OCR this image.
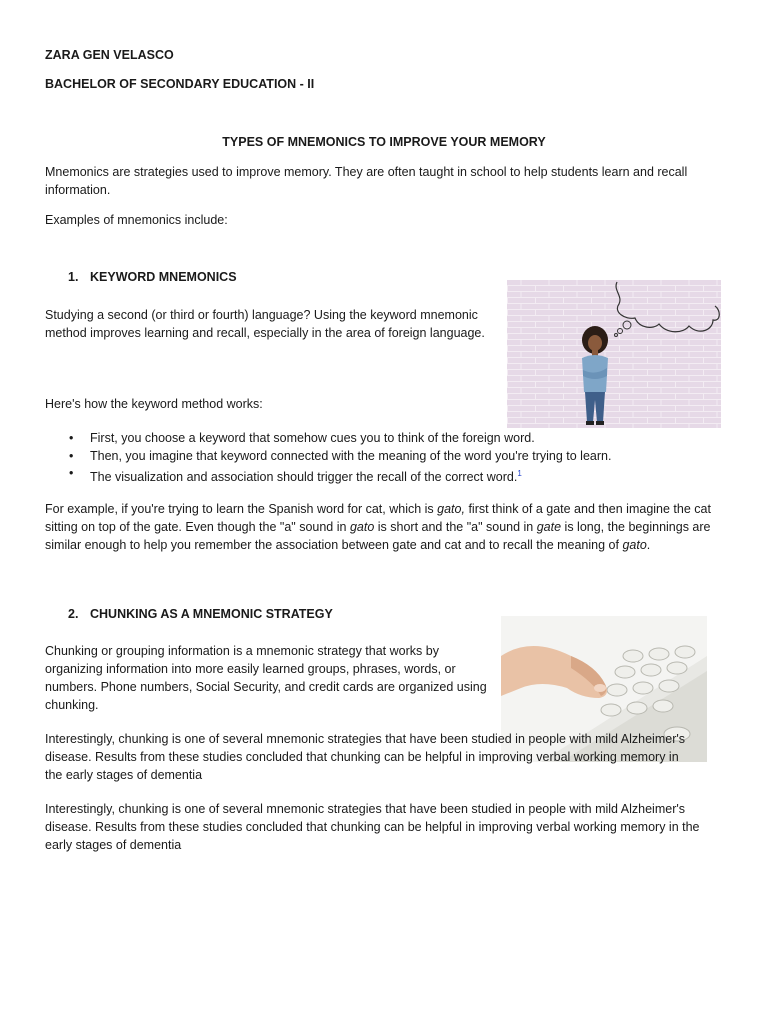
ZARA GEN VELASCO
BACHELOR OF SECONDARY EDUCATION - II
TYPES OF MNEMONICS TO IMPROVE YOUR MEMORY
Mnemonics are strategies used to improve memory. They are often taught in school to help students learn and recall information.
Examples of mnemonics include:
1. KEYWORD MNEMONICS
Studying a second (or third or fourth) language? Using the keyword mnemonic method improves learning and recall, especially in the area of foreign language.
Here's how the keyword method works:
• First, you choose a keyword that somehow cues you to think of the foreign word.
• Then, you imagine that keyword connected with the meaning of the word you're trying to learn.
• The visualization and association should trigger the recall of the correct word.$^1$
For example, if you're trying to learn the Spanish word for cat, which is gato, first think of a gate and then imagine the cat sitting on top of the gate. Even though the "a" sound in gato is short and the "a" sound in gate is long, the beginnings are similar enough to help you remember the association between gate and cat and to recall the meaning of gato.
2. CHUNKING AS A MNEMONIC STRATEGY
Chunking or grouping information is a mnemonic strategy that works by organizing information into more easily learned groups, phrases, words, or numbers. Phone numbers, Social Security, and credit cards are organized using chunking.
Interestingly, chunking is one of several mnemonic strategies that have been studied in people with mild Alzheimer's disease. Results from these studies concluded that chunking can be helpful in improving verbal working memory in the early stages of dementia
Interestingly, chunking is one of several mnemonic strategies that have been studied in people with mild Alzheimer's disease. Results from these studies concluded that chunking can be helpful in improving verbal working memory in the early stages of dementia
